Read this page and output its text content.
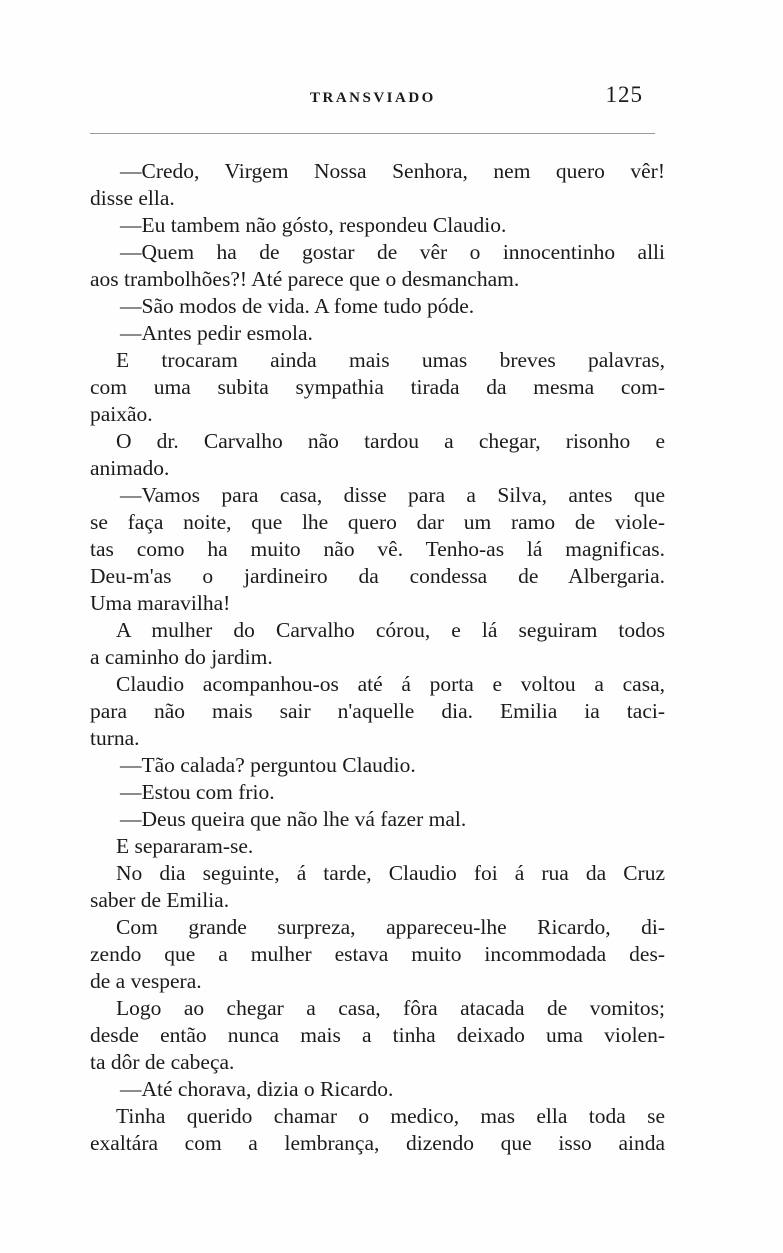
TRANSVIADO	125
—Credo, Virgem Nossa Senhora, nem quero vêr!
disse ella.
—Eu tambem não gósto, respondeu Claudio.
—Quem ha de gostar de vêr o innocentinho alli
aos trambolhões?! Até parece que o desmancham.
—São modos de vida. A fome tudo póde.
—Antes pedir esmola.
E trocaram ainda mais umas breves palavras,
com uma subita sympathia tirada da mesma com-
paixão.
O dr. Carvalho não tardou a chegar, risonho e
animado.
—Vamos para casa, disse para a Silva, antes que
se faça noite, que lhe quero dar um ramo de viole-
tas como ha muito não vê. Tenho-as lá magnificas.
Deu-m'as o jardineiro da condessa de Albergaria.
Uma maravilha!
A mulher do Carvalho córou, e lá seguiram todos
a caminho do jardim.
Claudio acompanhou-os até á porta e voltou a casa,
para não mais sair n'aquelle dia. Emilia ia taci-
turna.
—Tão calada? perguntou Claudio.
—Estou com frio.
—Deus queira que não lhe vá fazer mal.
E separaram-se.
No dia seguinte, á tarde, Claudio foi á rua da Cruz
saber de Emilia.
Com grande surpreza, appareceu-lhe Ricardo, di-
zendo que a mulher estava muito incommodada des-
de a vespera.
Logo ao chegar a casa, fôra atacada de vomitos;
desde então nunca mais a tinha deixado uma violen-
ta dôr de cabeça.
—Até chorava, dizia o Ricardo.
Tinha querido chamar o medico, mas ella toda se
exaltára com a lembrança, dizendo que isso ainda
